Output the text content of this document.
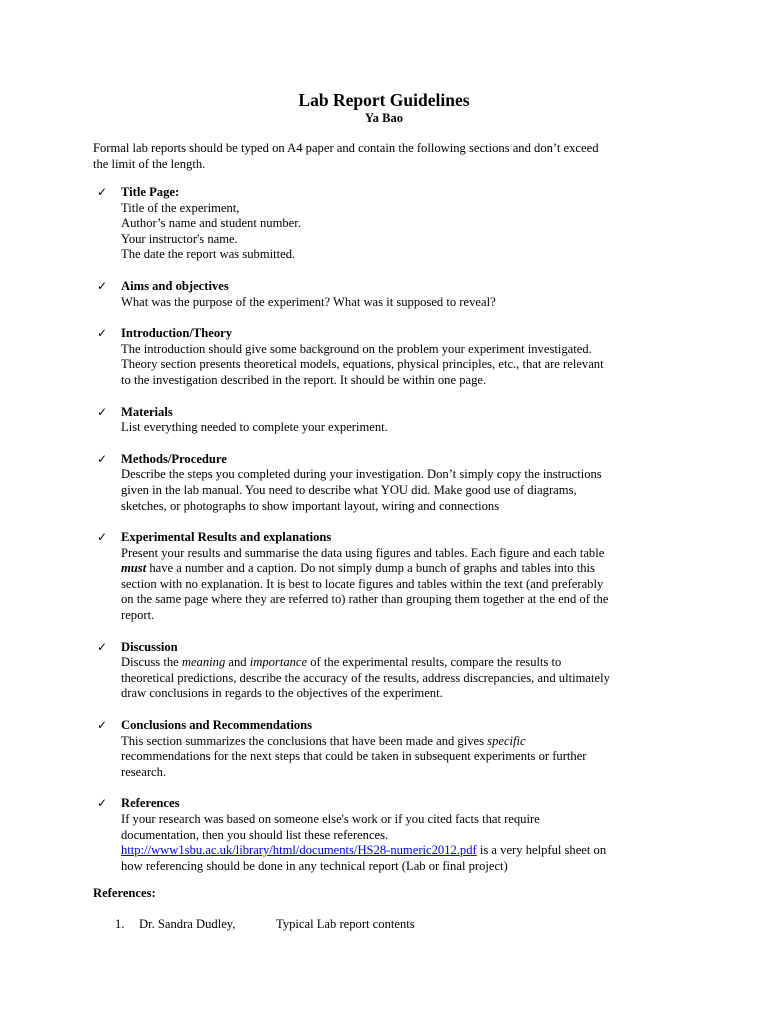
Lab Report Guidelines
Ya Bao
Formal lab reports should be typed on A4 paper and contain the following sections and don’t exceed
the limit of the length.
✓ Title Page:
Title of the experiment,
Author’s name and student number.
Your instructor's name.
The date the report was submitted.
✓ Aims and objectives
What was the purpose of the experiment? What was it supposed to reveal?
✓ Introduction/Theory
The introduction should give some background on the problem your experiment investigated.
Theory section presents theoretical models, equations, physical principles, etc., that are relevant
to the investigation described in the report. It should be within one page.
✓ Materials
List everything needed to complete your experiment.
✓ Methods/Procedure
Describe the steps you completed during your investigation. Don’t simply copy the instructions
given in the lab manual. You need to describe what YOU did. Make good use of diagrams,
sketches, or photographs to show important layout, wiring and connections
✓ Experimental Results and explanations
Present your results and summarise the data using figures and tables. Each figure and each table
must have a number and a caption. Do not simply dump a bunch of graphs and tables into this
section with no explanation. It is best to locate figures and tables within the text (and preferably
on the same page where they are referred to) rather than grouping them together at the end of the
report.
✓ Discussion
Discuss the meaning and importance of the experimental results, compare the results to
theoretical predictions, describe the accuracy of the results, address discrepancies, and ultimately
draw conclusions in regards to the objectives of the experiment.
✓ Conclusions and Recommendations
This section summarizes the conclusions that have been made and gives specific
recommendations for the next steps that could be taken in subsequent experiments or further
research.
✓ References
If your research was based on someone else's work or if you cited facts that require
documentation, then you should list these references.
http://www1sbu.ac.uk/library/html/documents/HS28-numeric2012.pdf is a very helpful sheet on
how referencing should be done in any technical report (Lab or final project)
References:
1. Dr. Sandra Dudley,	Typical Lab report contents
